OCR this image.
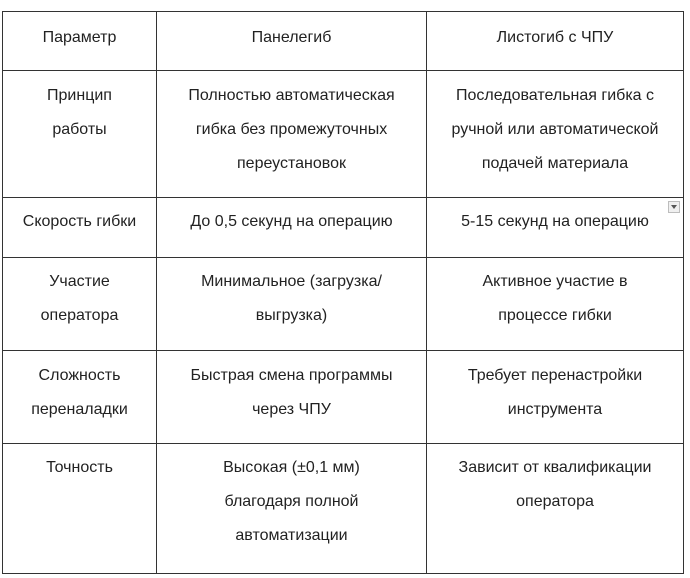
Параметр	Панелегиб	Листогиб с ЧПУ
Принцип работы	Полностью автоматическая гибка без промежуточных переустановок	Последовательная гибка с ручной или автоматической подачей материала
Скорость гибки	До 0,5 секунд на операцию	5-15 секунд на операцию

Участие оператора	Минимальное (загрузка/выгрузка)	Активное участие в процессе гибки
Сложность переналадки	Быстрая смена программы через ЧПУ	Требует перенастройки инструмента
Точность	Высокая (±0,1 мм) благодаря полной автоматизации	Зависит от квалификации оператора
